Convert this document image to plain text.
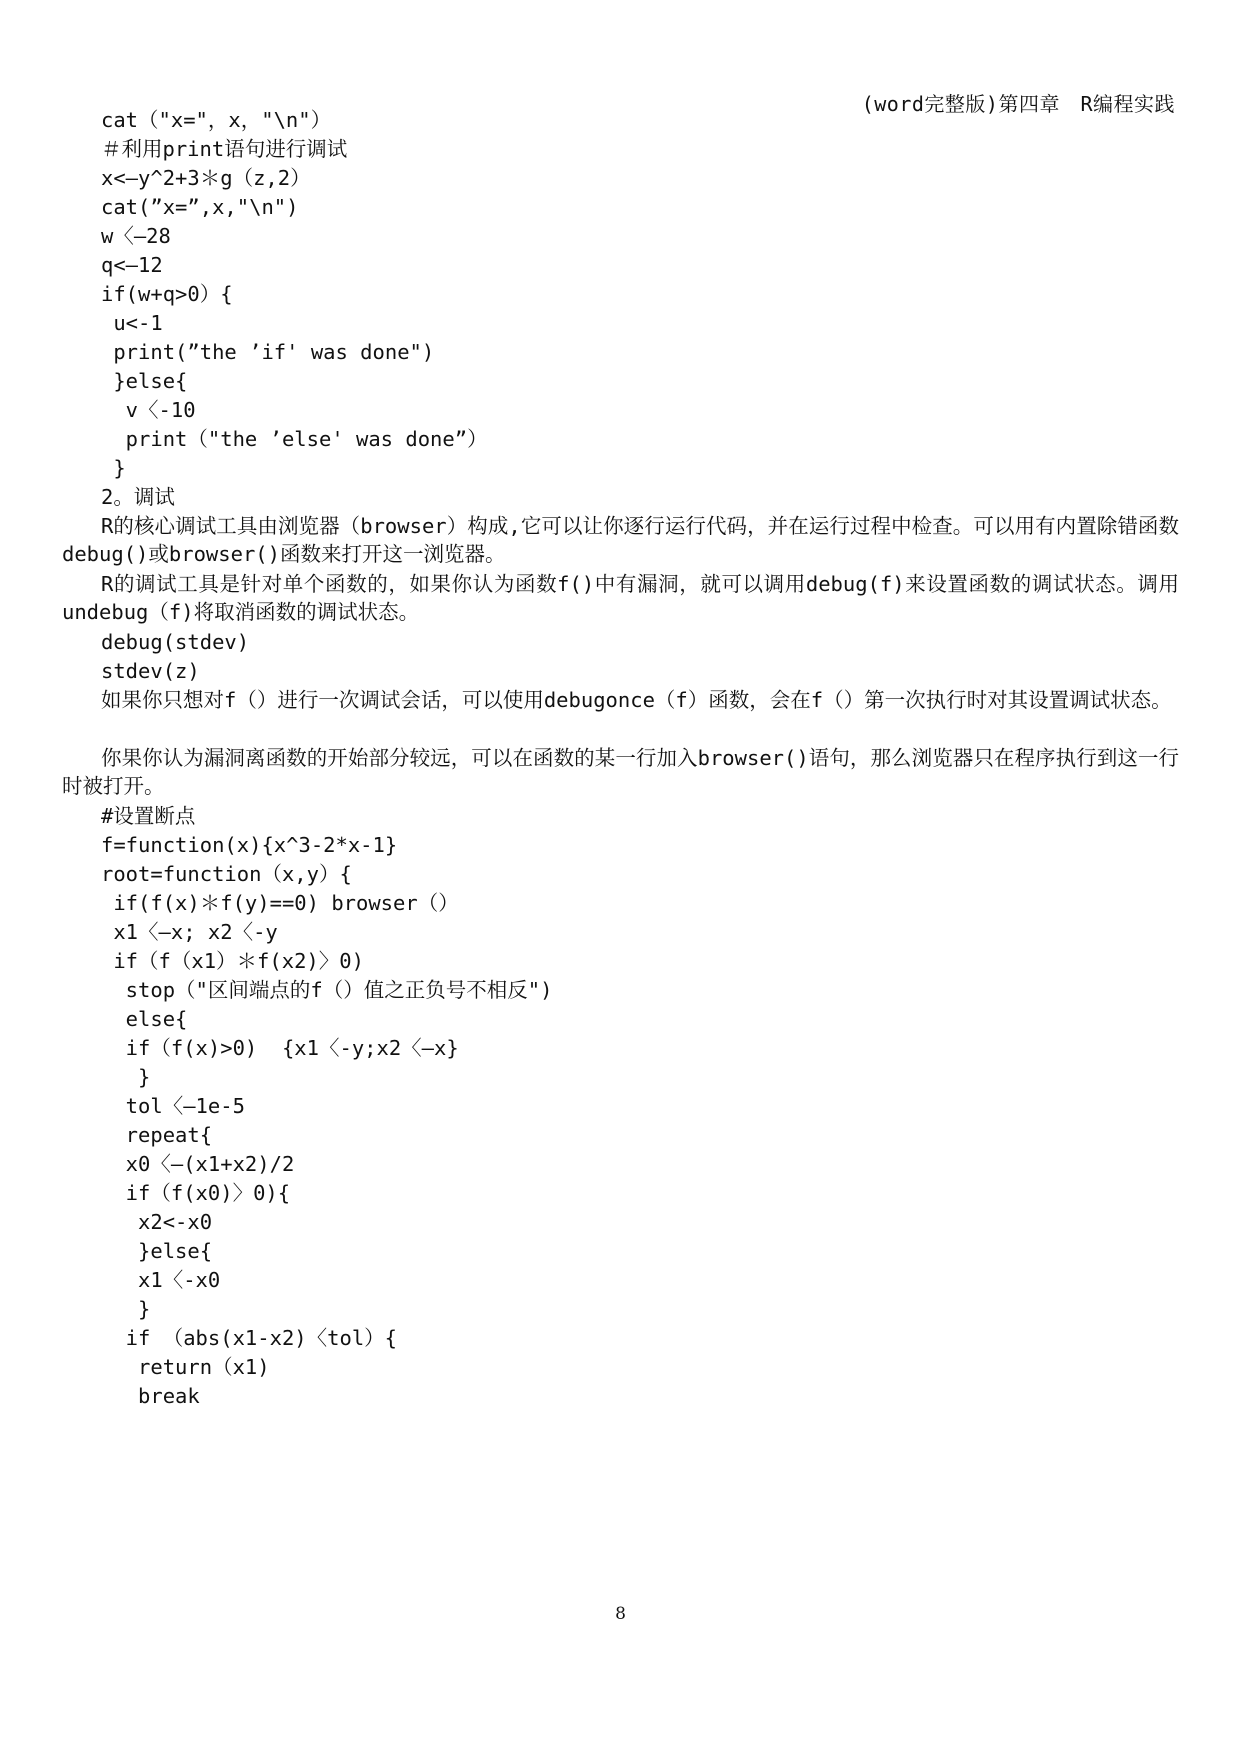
(word完整版)第四章　R编程实践
cat（"x="，x，"\n"）
＃利用print语句进行调试
x<—y^2+3＊g（z,2）
cat(”x=”,x,"\n")
w〈—28
q<—12
if(w+q>0）{
u<-1
print(”the ’if' was done")
}else{
v〈-10
print（"the ’else' was done”）
}
2。调试
R的核心调试工具由浏览器（browser）构成,它可以让你逐行运行代码，并在运行过程中检查。可以用有内置除错函数debug()或browser()函数来打开这一浏览器。
R的调试工具是针对单个函数的，如果你认为函数f()中有漏洞，就可以调用debug(f)来设置函数的调试状态。调用undebug（f)将取消函数的调试状态。
debug(stdev)
stdev(z)
如果你只想对f（）进行一次调试会话，可以使用debugonce（f）函数，会在f（）第一次执行时对其设置调试状态。
你果你认为漏洞离函数的开始部分较远，可以在函数的某一行加入browser()语句，那么浏览器只在程序执行到这一行时被打开。
#设置断点
f=function(x){x^3-2*x-1}
root=function（x,y）{
if(f(x)＊f(y)==0) browser（）
x1〈—x; x2〈-y
if（f（x1）＊f(x2)〉0)
stop（"区间端点的f（）值之正负号不相反")
else{
if（f(x)>0)  {x1〈-y;x2〈—x}
}
tol〈—1e-5
repeat{
x0〈—(x1+x2)/2
if（f(x0)〉0){
x2<-x0
}else{
x1〈-x0
}
if （abs(x1-x2)〈tol）{
return（x1)
break
8
